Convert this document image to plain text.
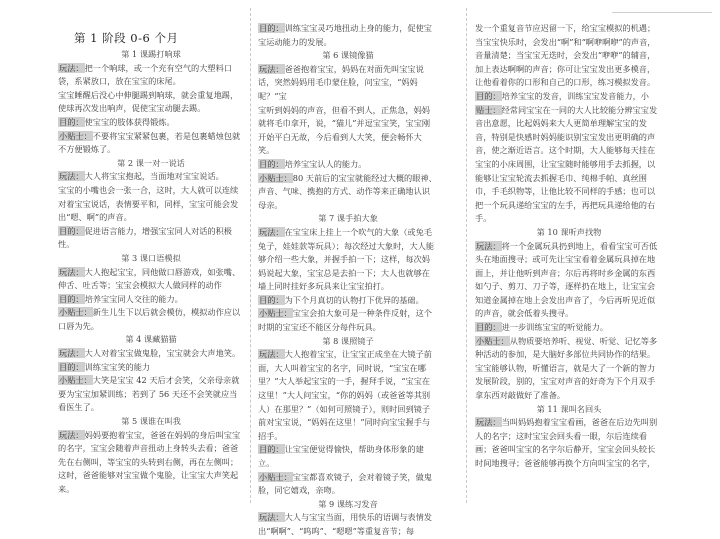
第 1 阶段 0-6 个月

第 1 课踢打响球

玩法：把一个响球，或一个充有空气的大塑料口袋，系紧放口，放在宝宝的床尾。

宝宝睡醒后没心中伸腿踢到响球，就会重复地踢，使球再次发出响声，促使宝宝动腿去踢。

目的：使宝宝的肢体获得锻炼。

小贴士：不要将宝宝紧紧包裹，若是包裹蜡烛包就不方便锻炼了。

第 2 课一对一说话

玩法：大人将宝宝抱起，当面地对宝宝说话。

宝宝的小嘴也会一张一合，这时，大人就可以连续对着宝宝说话，表情要平和，同样，宝宝可能会发出“嗯、啊”的声音。

目的：促进语言能力，增强宝宝同人对话的积极性。

第 3 课口语模拟

玩法：大人抱起宝宝，同他做口唇游戏，如张嘴、伸舌、吐舌等；宝宝会模拟大人做同样的动作

目的：培养宝宝同人交往的能力。

小贴士：新生儿生下以后就会模仿，模拟动作应以口唇为先。

第 4 课藏猫猫

玩法：大人对着宝宝做鬼脸，宝宝就会大声地笑。

目的：训练宝宝笑的能力

小贴士：大笑是宝宝 42 天后才会笑，父亲母亲就要为宝宝加紧训练；若到了 56 天还不会笑就应当看医生了。

第 5 课谁在叫我

玩法：妈妈要抱着宝宝，爸爸在妈妈的身后叫宝宝的名字，宝宝会随着声音扭动上身转头去看；爸爸先在右侧叫，等宝宝的头转到右侧，再在左侧叫；这时，爸爸能够对宝宝做个鬼脸，让宝宝大声笑起来。

目的：训练宝宝灵巧地扭动上身的能力，促使宝宝运动能力的发展。

第 6 课镜像猫

玩法：爸爸抱着宝宝，妈妈在对面先叫宝宝说话，突然妈妈用毛巾蒙住脸，问宝宝，“妈妈呢？”宝

宝听到妈妈的声音，但看不到人，正焦急，妈妈就将毛巾拿开，说，“猫儿”并逗宝宝笑，宝宝刚开始平白无故，今后看到人大笑，便会畅怀大笑。

目的：培养宝宝认人的能力。

小贴士：80 天前后的宝宝就能经过大概的眼神、声音、气味、携抱的方式、动作等来正确地认识母亲。

第 7 课手拍大象

玩法：在宝宝床上挂上一个吹气的大象（或兔毛兔子，娃娃款等玩具）；每次经过大象时，大人能够介绍一些大象，并握手拍一下；这样，每次妈妈说起大象，宝宝总是去拍一下；大人也就够在墙上同时挂好多玩具来让宝宝拍打。

目的：为下个月真切的认物打下优异的基础。

小贴士：宝宝会拍大象可是一种条件反射，这个时期的宝宝还不能区分每件玩具。

第 8 课照镜子

玩法：大人抱着宝宝，让宝宝正成坐在大镜子前面，大人叫着宝宝的名字，同时说，“宝宝在哪里？”大人举起宝宝的一手，握拜手说，“宝宝在这里！”大人问宝宝，“你的妈妈（或爸爸等其别人）在那里？”（如何可照镜子），则时回到镜子前对宝宝说，“妈妈在这里！”同时向宝宝握手与招手。

目的：让宝宝便觉得愉快，帮助身体形象的建立。

小贴士：宝宝都喜欢镜子，会对着镜子笑，做鬼脸，同它嬉戏，亲吻。

第 9 课练习发音

玩法：大人与宝宝当面，用快乐的语调与表情发出“啊啊”、“呜呜”、“嗯嗯”等重复音节；每

发一个重复音节应迟留一下，给宝宝模拟的机遇；当宝宝快乐时，会发出“啊”和“啊咿啊咿”的声音，音量清楚；当宝宝无迭时，会发出“咿咿”的辅音，加上表达啊啊的声音；你可让宝宝发出更多模音，让他看着你的口形和自己的口形，练习模拟发音。

目的：培养宝宝的发音，训练宝宝发音能力，小

贴士：经常同宝宝在一同的大人比较能分辨宝宝发音出意愿，比起妈妈来大人更简单理解宝宝的发音，特别是快感时妈妈能识别宝宝发出更明确的声音，使之渐近语言。这个时期，大人能够每天挂在宝宝的小床周围，让宝宝随时能够用手去抓握，以能够让宝宝轮流去抓握毛巾、纯棉手帕、真丝围巾，手毛织物等，让他比较不同样的手感；也可以把一个玩具递给宝宝的左手，再把玩具递给他的右手。

第 10 课听声找物

玩法：将一个金属玩具扔到地上，看看宝宝可否低头在地面搜寻；或可先让宝宝看着金属玩具掉在地面上，并让他听到声音；尔后再将时乡金属的东西如勺子、剪刀、刀子等，逐样扔在地上，让宝宝会知道金属掉在地上会发出声音了，今后再听见近似的声音，就会低着头搜寻。

目的：进一步训练宝宝的听觉能力。

小贴士：从物质要培养听、视觉、听觉、记忆等多种活动的参加，是大脑好多部位共同协作的结果。宝宝能够认物，听懂语言，就是大了一个新的智力发展阶段，别的，宝宝对声音的好奇为下个月双手拿东西对敲做好了准备。

第 11 课叫名回头

玩法：当叫妈妈抱着宝宝看画，爸爸在后边先叫别人的名字；这时宝宝会回头看一眼，尔后连续看画；爸爸叫宝宝的名字尔后静开，宝宝会回头较长时间地搜寻；爸爸能够再换个方向叫宝宝的名字，
